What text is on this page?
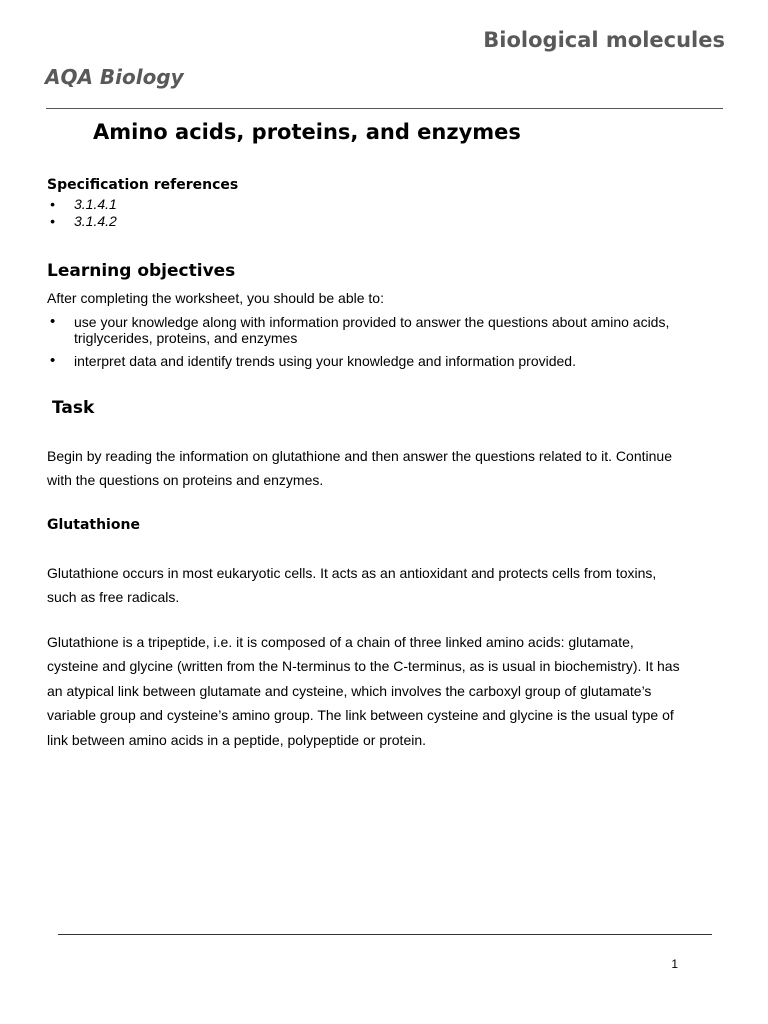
Biological molecules
AQA Biology
Amino acids, proteins, and enzymes
Specification references
• 3.1.4.1
• 3.1.4.2
Learning objectives
After completing the worksheet, you should be able to:
• use your knowledge along with information provided to answer the questions about amino acids, triglycerides, proteins, and enzymes
• interpret data and identify trends using your knowledge and information provided.
Task
Begin by reading the information on glutathione and then answer the questions related to it. Continue with the questions on proteins and enzymes.
Glutathione
Glutathione occurs in most eukaryotic cells. It acts as an antioxidant and protects cells from toxins, such as free radicals.
Glutathione is a tripeptide, i.e. it is composed of a chain of three linked amino acids: glutamate, cysteine and glycine (written from the N-terminus to the C-terminus, as is usual in biochemistry). It has an atypical link between glutamate and cysteine, which involves the carboxyl group of glutamate’s variable group and cysteine’s amino group. The link between cysteine and glycine is the usual type of link between amino acids in a peptide, polypeptide or protein.
1
